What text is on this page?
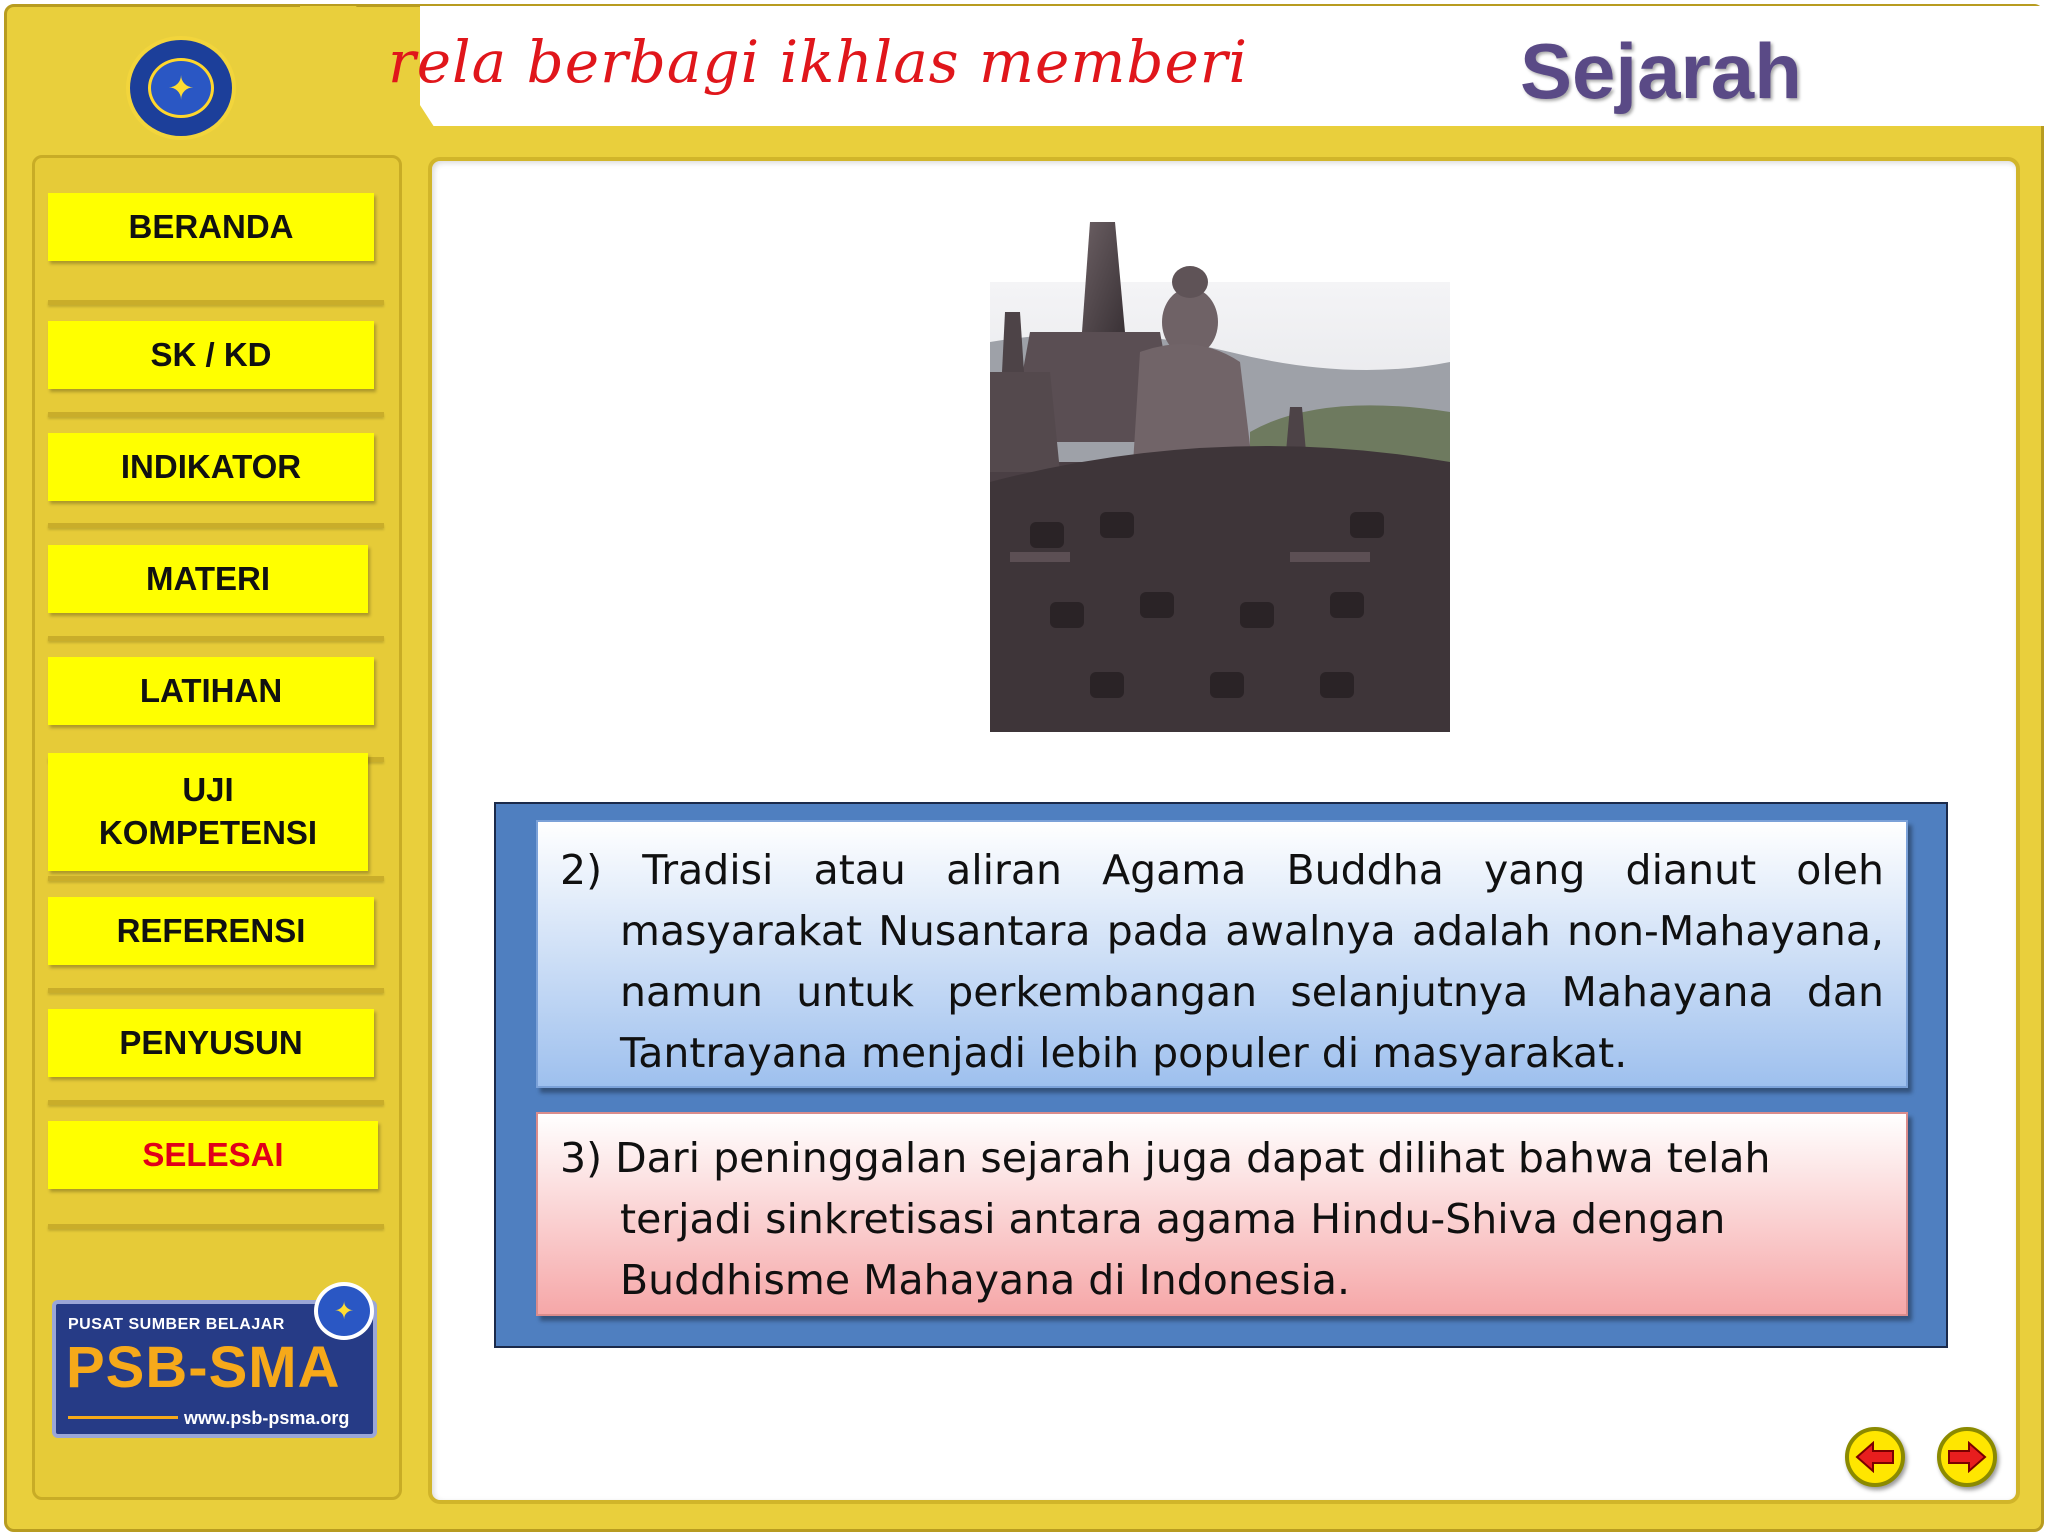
✦	rela berbagi ikhlas memberi	Sejarah
BERANDA
SK / KD
INDIKATOR
MATERI
LATIHAN
UJI
KOMPETENSI
REFERENSI
PENYUSUN
SELESAI
PUSAT SUMBER BELAJAR
PSB-SMA
www.psb-psma.org
✦

2) Tradisi atau aliran Agama Buddha yang dianut oleh

masyarakat Nusantara pada awalnya adalah non-Mahayana,

namun untuk perkembangan selanjutnya Mahayana dan

Tantrayana menjadi lebih populer di masyarakat.

3) Dari peninggalan sejarah juga dapat dilihat bahwa telah

terjadi sinkretisasi antara agama Hindu-Shiva dengan

Buddhisme Mahayana di Indonesia.
